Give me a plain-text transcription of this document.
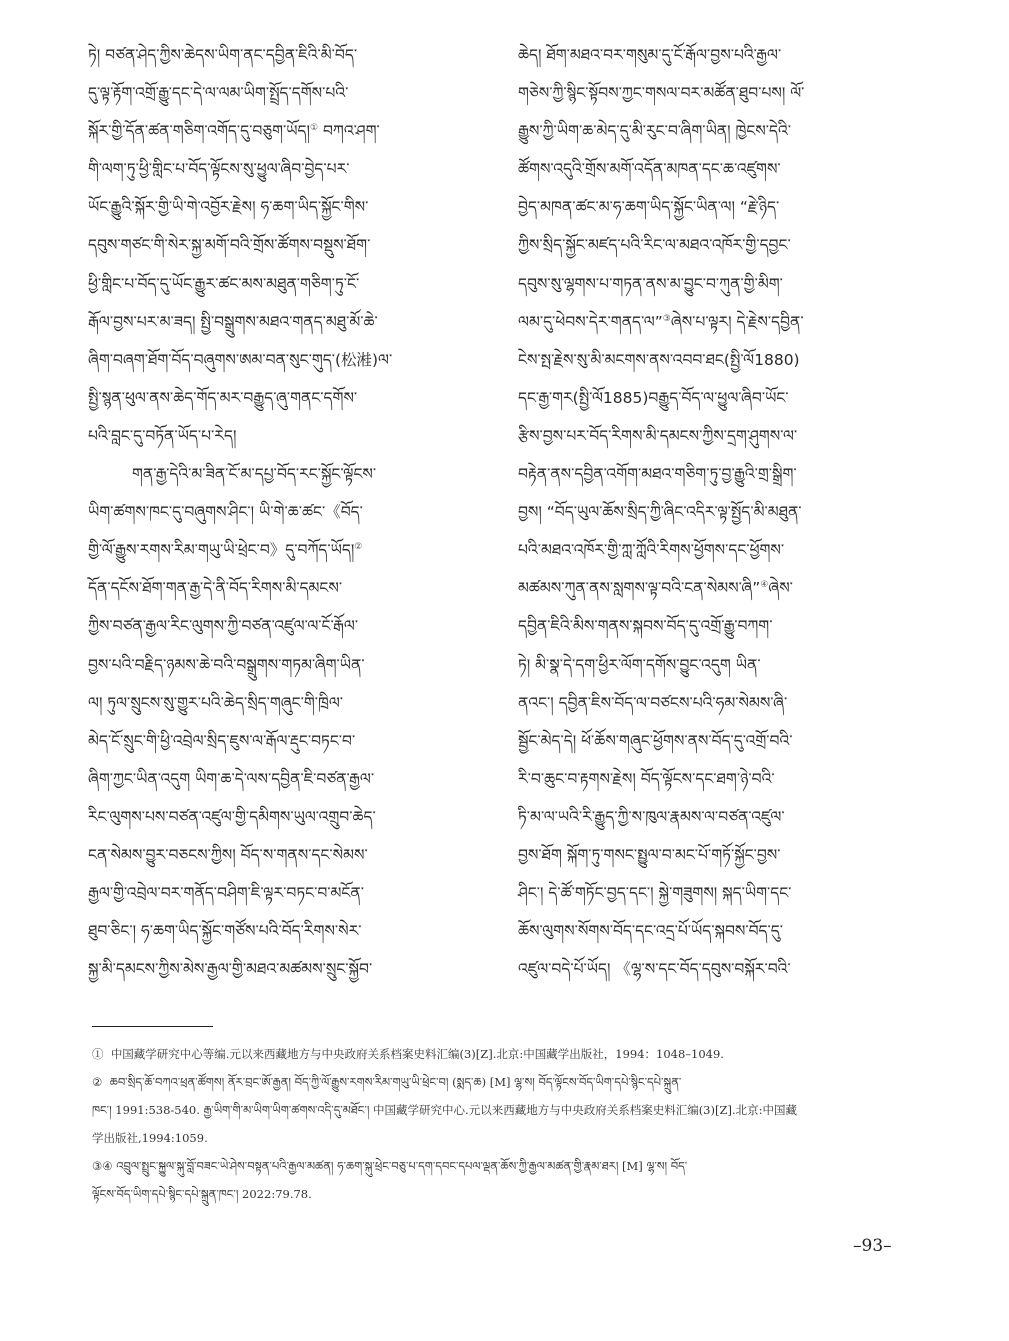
ཏེ། བཙན་ཤེད་ཀྱིས་ཆེདས་ཡིག་ནང་དབྱིན་ཇིའི་མི་བོད་
དུ་ལྟ་རྟོག་འགྲོ་རྒྱུ་དང་དེ་ལ་ལམ་ཡིག་སྤྲོད་དགོས་པའི་
སྐོར་གྱི་དོན་ཚན་གཅིག་འགོད་དུ་བཅུག་ཡོད།① བཀའ་ཤག་
གི་ལག་ཏུ་ཕྱི་གླིང་པ་བོད་ལྟོངས་སུ་ཕྱུལ་ཞིབ་བྱེད་པར་
ཡོང་རྒྱུའི་སྐོར་གྱི་ཡི་གེ་འབྱོར་རྗེས། ཧ་ཆག་ཡིད་སྐྱོང་གིས་
དབུས་གཙང་གི་སེར་སྐྱ་མགོ་བའི་གྲོས་ཚོགས་བསྡུས་ཐོག་
ཕྱི་གླིང་པ་བོད་དུ་ཡོང་རྒྱུར་ཚང་མས་མཐུན་གཅིག་ཏུ་ངོ་
རྒོལ་བྱས་པར་མ་ཟད། སྤྱི་བསྒྲུགས་མཐའ་གནད་མཐུ་མོ་ཆེ་
ཞིག་བཞག་ཐོག་བོད་བཞུགས་ཨམ་བན་སུང་གུད་(松溎)ལ་
སྤྱི་སྙན་ཕུལ་ནས་ཆེད་གོད་མར་བརྒྱུད་ཞུ་གནང་དགོས་
པའི་བླང་དུ་བཏོན་ཡོད་པ་རེད།
གན་རྒྱ་དེའི་མ་ཟིན་ངོ་མ་དཔྱ་བོད་རང་སྐྱོང་ལྟོངས་
ཡིག་ཚགས་ཁང་དུ་བཞུགས་ཤིང་། ཡི་གེ་ཆ་ཚང་《བོད་
གྱི་ལོ་རྒྱུས་རགས་རིམ་གཡུ་ཡི་ཕྲེང་བ》དུ་བཀོད་ཡོད།②
དོན་དངོས་ཐོག་གན་རྒྱ་དེ་ནི་བོད་རིགས་མི་དམངས་
ཀྱིས་བཙན་རྒྱལ་རིང་ལུགས་ཀྱི་བཙན་འཛུལ་ལ་ངོ་རྒོལ་
བྱས་པའི་བརྗིད་ཉམས་ཆེ་བའི་བསྒྲུགས་གཏམ་ཞིག་ཡིན་
ལ། ཏུལ་སྲུངས་སུ་གྱུར་པའི་ཆེད་སྲིད་གཞུང་གི་ཁྲིལ་
མེད་ངོ་སྲུང་གི་ཕྱི་འབྲེལ་སྲིད་ཇུས་ལ་རྒོལ་རྡུང་བཏང་བ་
ཞིག་ཀྱང་ཡིན་འདུག ཡིག་ཆ་དེ་ལས་དབྱིན་ཇི་བཙན་རྒྱལ་
རིང་ལུགས་པས་བཙན་འཛུལ་གྱི་དམིགས་ཡུལ་འགྲུབ་ཆེད་
ངན་སེམས་བྱུར་བཅངས་ཀྱིས། བོད་ས་གནས་དང་སེམས་
རྒྱལ་གྱི་འབྲེལ་བར་གནོད་བཤིག་ཇི་ལྟར་བཏང་བ་མངོན་
ཐུབ་ཅིང་། ཧ་ཆག་ཡིད་སྐྱོང་གཙོས་པའི་བོད་རིགས་སེར་
སྐྱ་མི་དམངས་ཀྱིས་མེས་རྒྱལ་གྱི་མཐའ་མཚམས་སྲུང་སྐྱོབ་
ཆེད། ཐོག་མཐའ་བར་གསུམ་དུ་ངོ་རྒོལ་བྱས་པའི་རྒྱལ་
གཅེས་ཀྱི་སྙིང་སྟོབས་ཀྱང་གསལ་བར་མཚོན་ཐུབ་པས། ལོ་
རྒྱུས་ཀྱི་ཡིག་ཆ་མེད་དུ་མི་རུང་བ་ཞིག་ཡིན། ཁྱེངས་དེའི་
ཚོགས་འདུའི་གྲོས་མགོ་འདོན་མཁན་དང་ཆ་འཛུགས་
བྱེད་མཁན་ཚང་མ་ཧ་ཆག་ཡིད་སྐྱོང་ཡིན་ལ། “རྗེ་ཉིད་
ཀྱིས་སྲིད་སྐྱོང་མཛད་པའི་རིང་ལ་མཐའ་འཁོར་གྱི་དབྱང་
དབུས་སུ་ལྷགས་པ་གཏན་ནས་མ་བྱུང་བ་ཀུན་གྱི་མིག་
ལམ་དུ་ཕེབས་དེར་གནད་ལ”③ཞེས་པ་ལྟར། དེ་རྗེས་དབྱིན་
ངེས་སྤ་རྗེས་སུ་མི་མངགས་ནས་འབབ་ཐང(སྤྱི་ལོ1880)
དང་རྒྱ་གར(སྤྱི་ལོ1885)བརྒྱུད་བོད་ལ་ཕྱུལ་ཞིབ་ཡོང་
རྩིས་བྱས་པར་བོད་རིགས་མི་དམངས་ཀྱིས་དྲག་ཤུགས་ལ་
བརྟེན་ནས་དབྱིན་འགོག་མཐའ་གཅིག་ཏུ་བྱ་རྒྱུའི་གྲ་སྒྲིག་
བྱས། “བོད་ཡུལ་ཆོས་སྲིད་ཀྱི་ཞིང་འདིར་ལྟ་སྤྱོད་མི་མཐུན་
པའི་མཐའ་འཁོར་གྱི་ཀླ་ཀློའི་རིགས་ཕྱོགས་དང་ཕྱོགས་
མཚམས་ཀུན་ནས་སླགས་ལྟ་བའི་ངན་སེམས་ཞི”④ཞེས་
དབྱིན་ཇིའི་མིས་གནས་སྐབས་བོད་དུ་འགྲོ་རྒྱུ་བཀག་
ཏེ། མི་སྣ་དེ་དག་ཕྱིར་ལོག་དགོས་བྱུང་འདུག ཡིན་
ནའང་། དབྱིན་ཇིས་བོད་ལ་བཙངས་པའི་ཧམ་སེམས་ཞི་
སྦྱོང་མེད་དེ། ཕོ་ཆོས་གཞུང་ཕྱོགས་ནས་བོད་དུ་འགྲོ་བའི་
རི་བ་ཆུང་བ་རྟགས་རྗེས། བོད་ལྟོངས་དང་ཐག་ཉེ་བའི་
ཏི་མ་ལ་ཡའི་རི་རྒྱུད་ཀྱི་ས་ཁུལ་རྣམས་ལ་བཙན་འཛུལ་
བྱས་ཐོག སྐོག་ཏུ་གསང་སྤྱུལ་བ་མང་པོ་གཏོ་སྐྱོང་བྱས་
ཤིང་། དེ་ཚོ་གཏོང་བྱད་དང་། སྐྱེ་གཟུགས། སྐད་ཡིག་དང་
ཆོས་ལུགས་སོགས་བོད་དང་འདྲ་པོ་ཡོད་སྐབས་བོད་དུ་
འཛུལ་བདེ་པོ་ཡོད། 《ལྷ་ས་དང་བོད་དབུས་བསྐོར་བའི་
① 中国藏学研究中心等编.元以来西藏地方与中央政府关系档案史料汇编(3)[Z].北京:中国藏学出版社，1994：1048–1049.
② ཆབ་སྲིད་ཆོ་བཀའ་ཕྲན་ཚོགས། ནོར་བྲང་ཨོ་རྒྱན། བོད་ཀྱི་ལོ་རྒྱུས་རགས་རིམ་གཡུ་ཡི་ཕྲེང་བ། (སྨད་ཆ) [M] ལྷ་ས། བོད་ལྟོངས་བོད་ཡིག་དཔེ་སྙིང་དཔེ་སྐྲུན་
ཁང་། 1991:538-540. རྒྱ་ཡིག་གི་མ་ཡིག་ཡིག་ཚགས་འདི་དུ་མཐོང་། 中国藏学研究中心.元以来西藏地方与中央政府关系档案史料汇编(3)[Z].北京:中国藏
学出版社,1994:1059.
③④ འབྲུལ་སྤྲུང་སྐྱུལ་སྐུ་བློ་བཟང་ཡེ་ཤེས་བསྟན་པའི་རྒྱལ་མཚན། ཧ་ཆག་སྐུ་ཕྲེང་བཅུ་པ་དག་དབང་དཔལ་ལྡན་ཆོས་ཀྱི་རྒྱལ་མཚན་གྱི་རྣམ་ཐར། [M] ལྷ་ས། བོད་
ལྟོངས་བོད་ཡིག་དཔེ་སྙིང་དཔེ་སྐྲུན་ཁང་། 2022:79.78.
–93–
